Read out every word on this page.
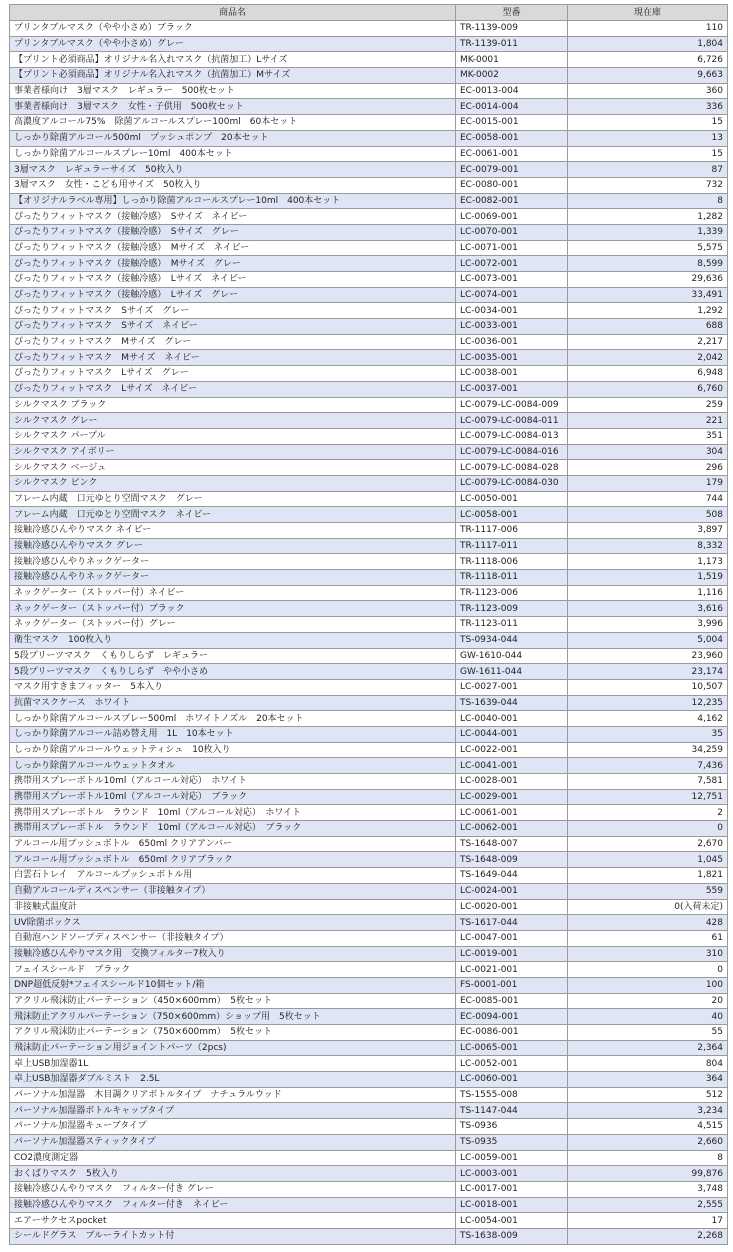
商品名	型番	現在庫
プリンタブルマスク（やや小さめ）ブラック	TR-1139-009	110
プリンタブルマスク（やや小さめ）グレー	TR-1139-011	1,804
【プリント必須商品】オリジナル名入れマスク（抗菌加工）Lサイズ	MK-0001	6,726
【プリント必須商品】オリジナル名入れマスク（抗菌加工）Mサイズ	MK-0002	9,663
事業者様向け　3層マスク　レギュラー　500枚セット	EC-0013-004	360
事業者様向け　3層マスク　女性・子供用　500枚セット	EC-0014-004	336
高濃度アルコール75%　除菌アルコールスプレー100ml　60本セット	EC-0015-001	15
しっかり除菌アルコール500ml　プッシュポンプ　20本セット	EC-0058-001	13
しっかり除菌アルコールスプレー10ml　400本セット	EC-0061-001	15
3層マスク　レギュラーサイズ　50枚入り	EC-0079-001	87
3層マスク　女性・こども用サイズ　50枚入り	EC-0080-001	732
【オリジナルラベル専用】しっかり除菌アルコールスプレー10ml　400本セット	EC-0082-001	8
ぴったりフィットマスク（接触冷感）　Sサイズ　ネイビー	LC-0069-001	1,282
ぴったりフィットマスク（接触冷感）　Sサイズ　グレー	LC-0070-001	1,339
ぴったりフィットマスク（接触冷感）　Mサイズ　ネイビー	LC-0071-001	5,575
ぴったりフィットマスク（接触冷感）　Mサイズ　グレー	LC-0072-001	8,599
ぴったりフィットマスク（接触冷感）　Lサイズ　ネイビー	LC-0073-001	29,636
ぴったりフィットマスク（接触冷感）　Lサイズ　グレー	LC-0074-001	33,491
ぴったりフィットマスク　Sサイズ　グレー	LC-0034-001	1,292
ぴったりフィットマスク　Sサイズ　ネイビー	LC-0033-001	688
ぴったりフィットマスク　Mサイズ　グレー	LC-0036-001	2,217
ぴったりフィットマスク　Mサイズ　ネイビー	LC-0035-001	2,042
ぴったりフィットマスク　Lサイズ　グレー	LC-0038-001	6,948
ぴったりフィットマスク　Lサイズ　ネイビー	LC-0037-001	6,760
シルクマスク ブラック	LC-0079-LC-0084-009	259
シルクマスク グレー	LC-0079-LC-0084-011	221
シルクマスク パープル	LC-0079-LC-0084-013	351
シルクマスク アイボリー	LC-0079-LC-0084-016	304
シルクマスク ベージュ	LC-0079-LC-0084-028	296
シルクマスク ピンク	LC-0079-LC-0084-030	179
フレーム内蔵　口元ゆとり空間マスク　グレー	LC-0050-001	744
フレーム内蔵　口元ゆとり空間マスク　ネイビー	LC-0058-001	508
接触冷感ひんやりマスク ネイビー	TR-1117-006	3,897
接触冷感ひんやりマスク グレー	TR-1117-011	8,332
接触冷感ひんやりネックゲーター	TR-1118-006	1,173
接触冷感ひんやりネックゲーター	TR-1118-011	1,519
ネックゲーター（ストッパー付）ネイビー	TR-1123-006	1,116
ネックゲーター（ストッパー付）ブラック	TR-1123-009	3,616
ネックゲーター（ストッパー付）グレー	TR-1123-011	3,996
衛生マスク　100枚入り	TS-0934-044	5,004
5段プリーツマスク　くもりしらず　レギュラー	GW-1610-044	23,960
5段プリーツマスク　くもりしらず　やや小さめ	GW-1611-044	23,174
マスク用すきまフィッター　5本入り	LC-0027-001	10,507
抗菌マスクケース　ホワイト	TS-1639-044	12,235
しっかり除菌アルコールスプレー500ml　ホワイトノズル　20本セット	LC-0040-001	4,162
しっかり除菌アルコール詰め替え用　1L　10本セット	LC-0044-001	35
しっかり除菌アルコールウェットティシュ　10枚入り	LC-0022-001	34,259
しっかり除菌アルコールウェットタオル	LC-0041-001	7,436
携帯用スプレーボトル10ml（アルコール対応）　ホワイト	LC-0028-001	7,581
携帯用スプレーボトル10ml（アルコール対応）　ブラック	LC-0029-001	12,751
携帯用スプレーボトル　ラウンド　10ml（アルコール対応）　ホワイト	LC-0061-001	2
携帯用スプレーボトル　ラウンド　10ml（アルコール対応）　ブラック	LC-0062-001	0
アルコール用プッシュボトル　650ml クリアアンバー	TS-1648-007	2,670
アルコール用プッシュボトル　650ml クリアブラック	TS-1648-009	1,045
白雲石トレイ　アルコールプッシュボトル用	TS-1649-044	1,821
自動アルコールディスペンサー（非接触タイプ）	LC-0024-001	559
非接触式温度計	LC-0020-001	0(入荷未定)
UV除菌ボックス	TS-1617-044	428
自動泡ハンドソープディスペンサー（非接触タイプ）	LC-0047-001	61
接触冷感ひんやりマスク用　交換フィルター7枚入り	LC-0019-001	310
フェイスシールド　ブラック	LC-0021-001	0
DNP超低反射*フェイスシールド10個セット/箱	FS-0001-001	100
アクリル飛沫防止パーテーション（450×600mm）　5枚セット	EC-0085-001	20
飛沫防止アクリルパーテーション（750×600mm）ショップ用　5枚セット	EC-0094-001	40
アクリル飛沫防止パーテーション（750×600mm）　5枚セット	EC-0086-001	55
飛沫防止パーテーション用ジョイントパーツ（2pcs)	LC-0065-001	2,364
卓上USB加湿器1L	LC-0052-001	804
卓上USB加湿器ダブルミスト　2.5L	LC-0060-001	364
パーソナル加湿器　木目調クリアボトルタイプ　ナチュラルウッド	TS-1555-008	512
パーソナル加湿器ボトルキャップタイプ	TS-1147-044	3,234
パーソナル加湿器キューブタイプ	TS-0936	4,515
パーソナル加湿器スティックタイプ	TS-0935	2,660
CO2濃度測定器	LC-0059-001	8
おくばりマスク　5枚入り	LC-0003-001	99,876
接触冷感ひんやりマスク　フィルター付き グレー	LC-0017-001	3,748
接触冷感ひんやりマスク　フィルター付き　ネイビー	LC-0018-001	2,555
エアーサクセスpocket	LC-0054-001	17
シールドグラス　ブルーライトカット付	TS-1638-009	2,268
